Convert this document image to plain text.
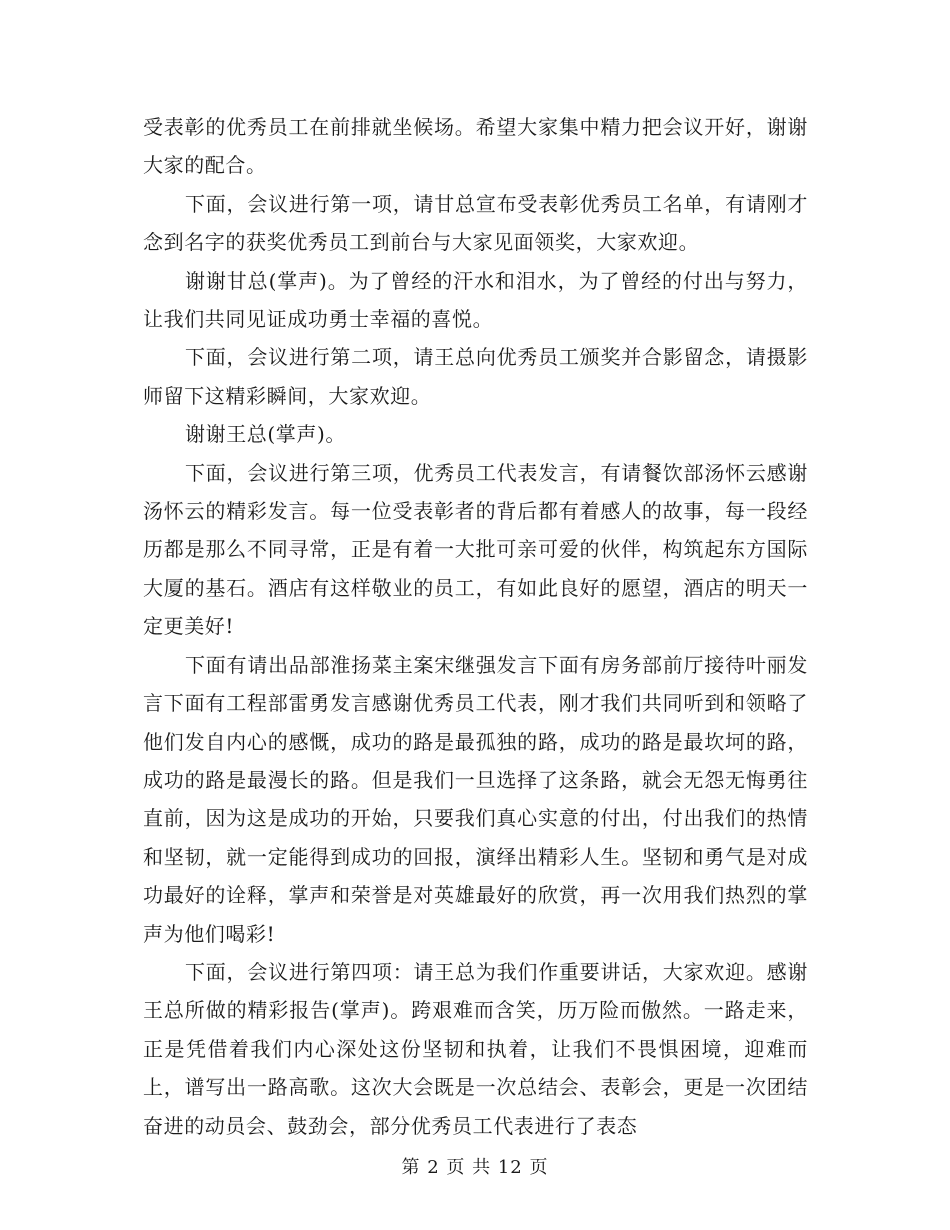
受表彰的优秀员工在前排就坐候场。希望大家集中精力把会议开好，谢谢大家的配合。

下面，会议进行第一项，请甘总宣布受表彰优秀员工名单，有请刚才念到名字的获奖优秀员工到前台与大家见面领奖，大家欢迎。

谢谢甘总(掌声)。为了曾经的汗水和泪水，为了曾经的付出与努力，让我们共同见证成功勇士幸福的喜悦。

下面，会议进行第二项，请王总向优秀员工颁奖并合影留念，请摄影师留下这精彩瞬间，大家欢迎。

谢谢王总(掌声)。

下面，会议进行第三项，优秀员工代表发言，有请餐饮部汤怀云感谢汤怀云的精彩发言。每一位受表彰者的背后都有着感人的故事，每一段经历都是那么不同寻常，正是有着一大批可亲可爱的伙伴，构筑起东方国际大厦的基石。酒店有这样敬业的员工，有如此良好的愿望，酒店的明天一定更美好!

下面有请出品部淮扬菜主案宋继强发言下面有房务部前厅接待叶丽发言下面有工程部雷勇发言感谢优秀员工代表，刚才我们共同听到和领略了他们发自内心的感慨，成功的路是最孤独的路，成功的路是最坎坷的路，成功的路是最漫长的路。但是我们一旦选择了这条路，就会无怨无悔勇往直前，因为这是成功的开始，只要我们真心实意的付出，付出我们的热情和坚韧，就一定能得到成功的回报，演绎出精彩人生。坚韧和勇气是对成功最好的诠释，掌声和荣誉是对英雄最好的欣赏，再一次用我们热烈的掌声为他们喝彩!

下面，会议进行第四项：请王总为我们作重要讲话，大家欢迎。感谢王总所做的精彩报告(掌声)。跨艰难而含笑，历万险而傲然。一路走来，正是凭借着我们内心深处这份坚韧和执着，让我们不畏惧困境，迎难而上，谱写出一路高歌。这次大会既是一次总结会、表彰会，更是一次团结奋进的动员会、鼓劲会，部分优秀员工代表进行了表态

第 2 页 共 12 页
